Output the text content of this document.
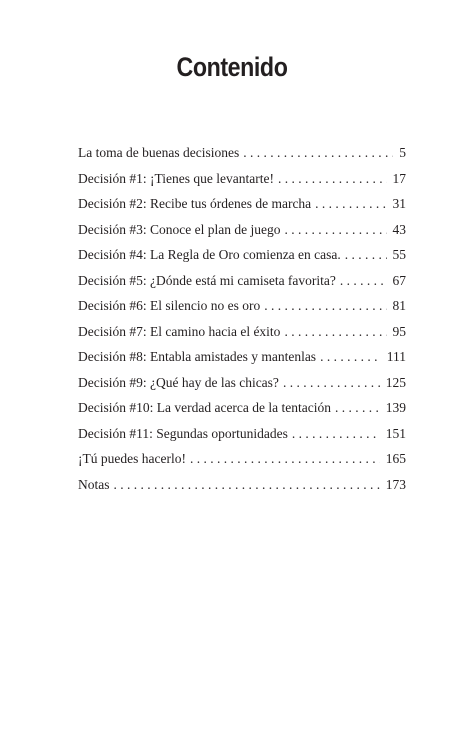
Contenido
La toma de buenas decisiones . . .	5
Decisión #1: ¡Tienes que levantarte! . . .	17
Decisión #2: Recibe tus órdenes de marcha . . .	31
Decisión #3: Conoce el plan de juego . . .	43
Decisión #4: La Regla de Oro comienza en casa. . . .	55
Decisión #5: ¿Dónde está mi camiseta favorita? . . .	67
Decisión #6: El silencio no es oro . . .	81
Decisión #7: El camino hacia el éxito . . .	95
Decisión #8: Entabla amistades y mantenlas . . .	111
Decisión #9: ¿Qué hay de las chicas? . . .	125
Decisión #10: La verdad acerca de la tentación . . .	139
Decisión #11: Segundas oportunidades . . .	151
¡Tú puedes hacerlo! . . .	165
Notas . . .	173
